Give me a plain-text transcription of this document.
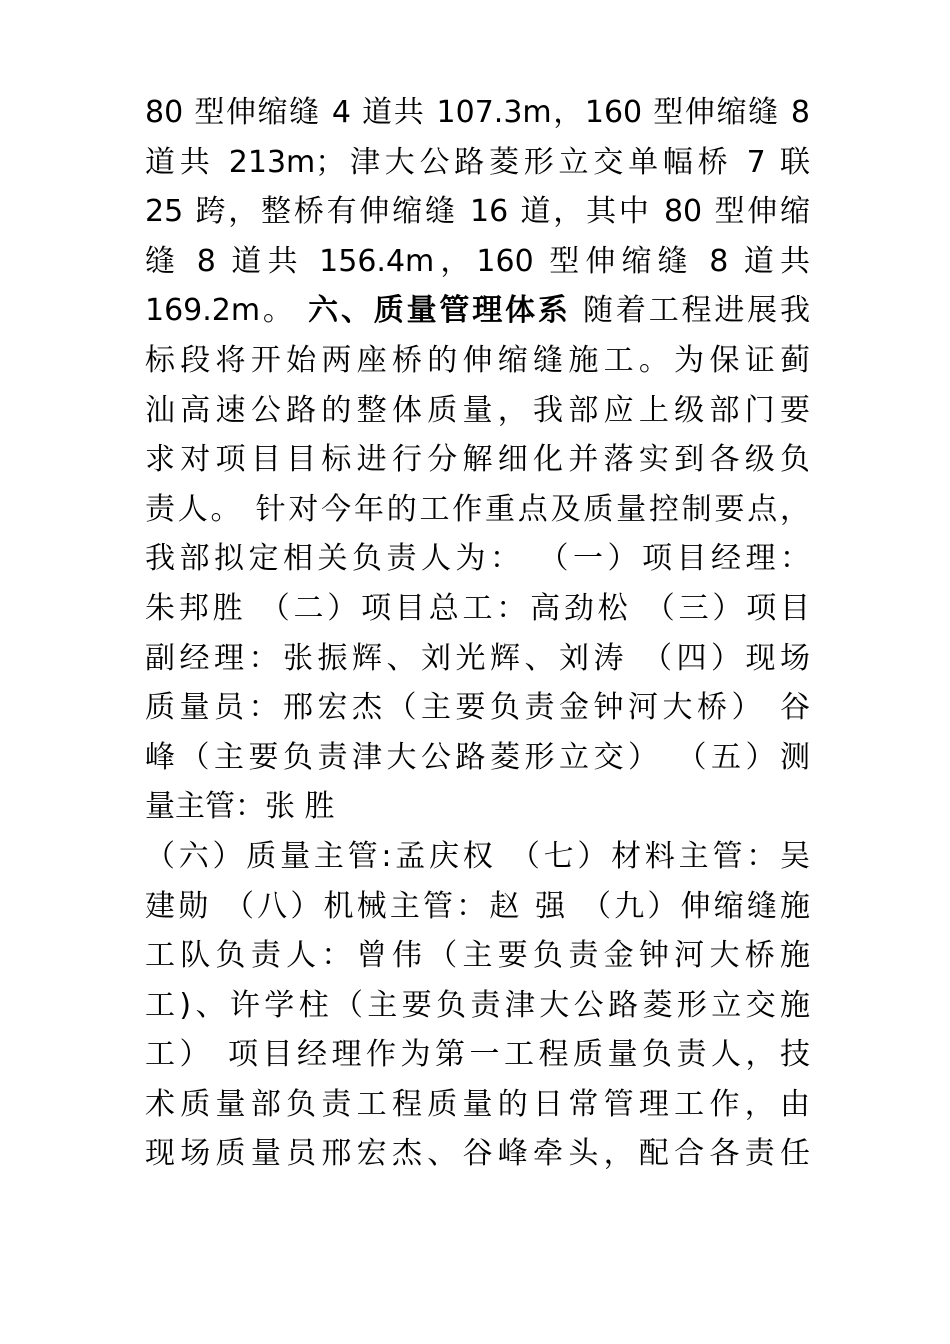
80 型伸缩缝 4 道共 107.3m，160 型伸缩缝 8
道共 213m；津大公路菱形立交单幅桥 7 联
25 跨，整桥有伸缩缝 16 道，其中 80 型伸缩
缝 8 道共 156.4m，160 型伸缩缝 8 道共
169.2m。 六、质量管理体系 随着工程进展我
标段将开始两座桥的伸缩缝施工。为保证蓟
汕高速公路的整体质量，我部应上级部门要
求对项目目标进行分解细化并落实到各级负
责人。 针对今年的工作重点及质量控制要点，
我部拟定相关负责人为： （一）项目经理：
朱邦胜 （二）项目总工：高劲松 （三）项目
副经理：张振辉、刘光辉、刘涛 （四）现场
质量员：邢宏杰（主要负责金钟河大桥） 谷
峰（主要负责津大公路菱形立交） （五）测
量主管：张 胜
（六）质量主管:孟庆权 （七）材料主管：吴
建勋 （八）机械主管：赵 强 （九）伸缩缝施
工队负责人：曾伟（主要负责金钟河大桥施
工)、许学柱（主要负责津大公路菱形立交施
工） 项目经理作为第一工程质量负责人，技
术质量部负责工程质量的日常管理工作，由
现场质量员邢宏杰、谷峰牵头，配合各责任
